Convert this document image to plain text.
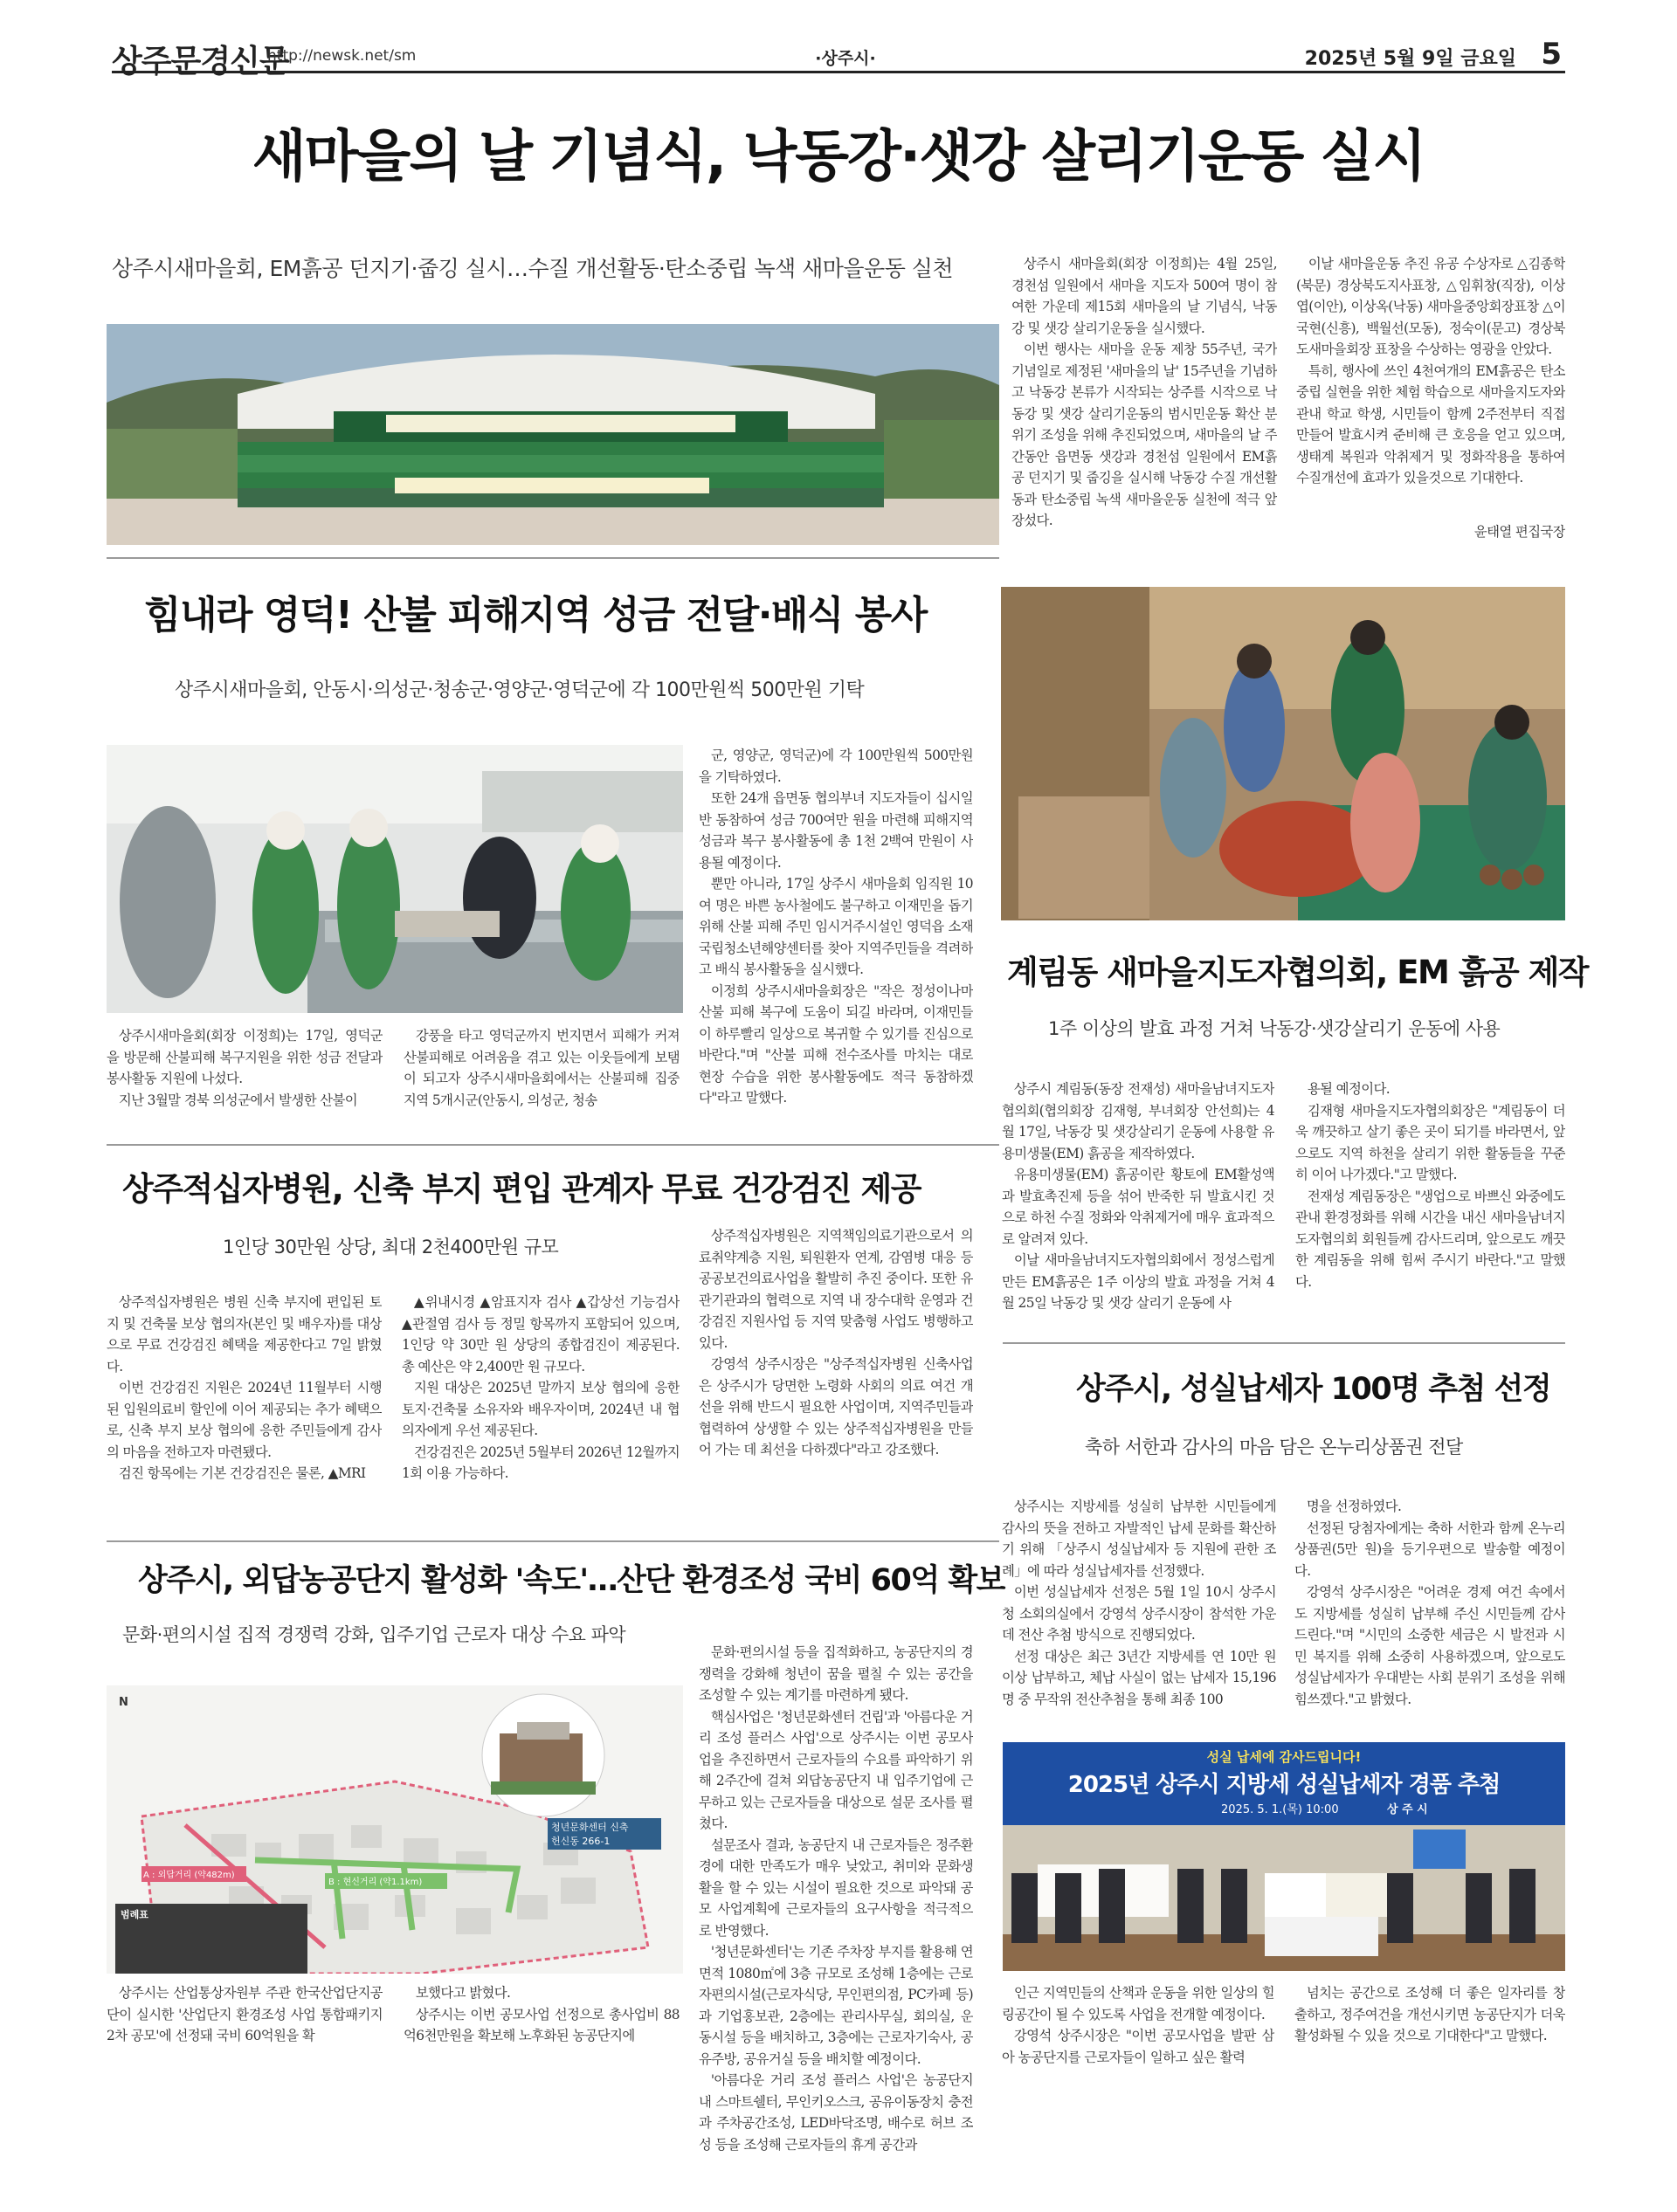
상주문경신문
http://newsk.net/sm	·상주시·	2025년 5월 9일 금요일 5
새마을의 날 기념식, 낙동강·샛강 살리기운동 실시
상주시새마을회, EM흙공 던지기·줍깅 실시…수질 개선활동·탄소중립 녹색 새마을운동 실천	상주시 새마을회(회장 이정희)는 4월 25일, 경천섬 일원에서 새마을 지도자 500여 명이 참여한 가운데 제15회 새마을의 날 기념식, 낙동강 및 샛강 살리기운동을 실시했다.

이번 행사는 새마을 운동 제창 55주년, 국가기념일로 제정된 '새마을의 날' 15주년을 기념하고 낙동강 본류가 시작되는 상주를 시작으로 낙동강 및 샛강 살리기운동의 범시민운동 확산 분위기 조성을 위해 추진되었으며, 새마을의 날 주간동안 읍면동 샛강과 경천섬 일원에서 EM흙공 던지기 및 줍깅을 실시해 낙동강 수질 개선활동과 탄소중립 녹색 새마을운동 실천에 적극 앞장섰다.

이날 새마을운동 추진 유공 수상자로 △김종학(북문) 경상북도지사표창, △임휘창(직장), 이상엽(이안), 이상옥(낙동) 새마을중앙회장표창 △이국현(신흥), 백월선(모동), 정숙이(문고) 경상북도새마을회장 표창을 수상하는 영광을 안았다.

특히, 행사에 쓰인 4천여개의 EM흙공은 탄소중립 실현을 위한 체험 학습으로 새마을지도자와 관내 학교 학생, 시민들이 함께 2주전부터 직접 만들어 발효시켜 준비해 큰 호응을 얻고 있으며, 생태계 복원과 악취제거 및 정화작용을 통하여 수질개선에 효과가 있을것으로 기대한다.

윤태열 편집국장
힘내라 영덕! 산불 피해지역 성금 전달·배식 봉사
상주시새마을회, 안동시·의성군·청송군·영양군·영덕군에 각 100만원씩 500만원 기탁

상주시새마을회(회장 이정희)는 17일, 영덕군을 방문해 산불피해 복구지원을 위한 성금 전달과 봉사활동 지원에 나섰다.

지난 3월말 경북 의성군에서 발생한 산불이

강풍을 타고 영덕군까지 번지면서 피해가 커져 산불피해로 어려움을 겪고 있는 이웃들에게 보탬이 되고자 상주시새마을회에서는 산불피해 집중지역 5개시군(안동시, 의성군, 청송

군, 영양군, 영덕군)에 각 100만원씩 500만원을 기탁하였다.

또한 24개 읍면동 협의부녀 지도자들이 십시일반 동참하여 성금 700여만 원을 마련해 피해지역 성금과 복구 봉사활동에 총 1천 2백여 만원이 사용될 예정이다.

뿐만 아니라, 17일 상주시 새마을회 임직원 10여 명은 바쁜 농사철에도 불구하고 이재민을 돕기 위해 산불 피해 주민 임시거주시설인 영덕읍 소재 국립청소년해양센터를 찾아 지역주민들을 격려하고 배식 봉사활동을 실시했다.

이정희 상주시새마을회장은 "작은 정성이나마 산불 피해 복구에 도움이 되길 바라며, 이재민들이 하루빨리 일상으로 복귀할 수 있기를 진심으로 바란다."며 "산불 피해 전수조사를 마치는 대로 현장 수습을 위한 봉사활동에도 적극 동참하겠다"라고 말했다.

계림동 새마을지도자협의회, EM 흙공 제작
1주 이상의 발효 과정 거쳐 낙동강·샛강살리기 운동에 사용

상주시 계림동(동장 전재성) 새마을남녀지도자협의회(협의회장 김재형, 부녀회장 안선희)는 4월 17일, 낙동강 및 샛강살리기 운동에 사용할 유용미생물(EM) 흙공을 제작하였다.

유용미생물(EM) 흙공이란 황토에 EM활성액과 발효촉진제 등을 섞어 반죽한 뒤 발효시킨 것으로 하천 수질 정화와 악취제거에 매우 효과적으로 알려져 있다.

이날 새마을남녀지도자협의회에서 정성스럽게 만든 EM흙공은 1주 이상의 발효 과정을 거쳐 4월 25일 낙동강 및 샛강 살리기 운동에 사

용될 예정이다.

김재형 새마을지도자협의회장은 "계림동이 더욱 깨끗하고 살기 좋은 곳이 되기를 바라면서, 앞으로도 지역 하천을 살리기 위한 활동들을 꾸준히 이어 나가겠다."고 말했다.

전재성 계림동장은 "생업으로 바쁘신 와중에도 관내 환경정화를 위해 시간을 내신 새마을남녀지도자협의회 회원들께 감사드리며, 앞으로도 깨끗한 계림동을 위해 힘써 주시기 바란다."고 말했다.

상주적십자병원, 신축 부지 편입 관계자 무료 건강검진 제공
1인당 30만원 상당, 최대 2천400만원 규모

상주적십자병원은 병원 신축 부지에 편입된 토지 및 건축물 보상 협의자(본인 및 배우자)를 대상으로 무료 건강검진 혜택을 제공한다고 7일 밝혔다.

이번 건강검진 지원은 2024년 11월부터 시행된 입원의료비 할인에 이어 제공되는 추가 혜택으로, 신축 부지 보상 협의에 응한 주민들에게 감사의 마음을 전하고자 마련됐다.

검진 항목에는 기본 건강검진은 물론, ▲MRI

▲위내시경 ▲암표지자 검사 ▲갑상선 기능검사 ▲관절염 검사 등 정밀 항목까지 포함되어 있으며, 1인당 약 30만 원 상당의 종합검진이 제공된다. 총 예산은 약 2,400만 원 규모다.

지원 대상은 2025년 말까지 보상 협의에 응한 토지·건축물 소유자와 배우자이며, 2024년 내 협의자에게 우선 제공된다.

건강검진은 2025년 5월부터 2026년 12월까지 1회 이용 가능하다.

상주적십자병원은 지역책임의료기관으로서 의료취약계층 지원, 퇴원환자 연계, 감염병 대응 등 공공보건의료사업을 활발히 추진 중이다. 또한 유관기관과의 협력으로 지역 내 장수대학 운영과 건강검진 지원사업 등 지역 맞춤형 사업도 병행하고 있다.

강영석 상주시장은 "상주적십자병원 신축사업은 상주시가 당면한 노령화 사회의 의료 여건 개선을 위해 반드시 필요한 사업이며, 지역주민들과 협력하여 상생할 수 있는 상주적십자병원을 만들어 가는 데 최선을 다하겠다"라고 강조했다.

상주시, 성실납세자 100명 추첨 선정
축하 서한과 감사의 마음 담은 온누리상품권 전달

상주시는 지방세를 성실히 납부한 시민들에게 감사의 뜻을 전하고 자발적인 납세 문화를 확산하기 위해 「상주시 성실납세자 등 지원에 관한 조례」에 따라 성실납세자를 선정했다.

이번 성실납세자 선정은 5월 1일 10시 상주시청 소회의실에서 강영석 상주시장이 참석한 가운데 전산 추첨 방식으로 진행되었다.

선정 대상은 최근 3년간 지방세를 연 10만 원 이상 납부하고, 체납 사실이 없는 납세자 15,196명 중 무작위 전산추첨을 통해 최종 100

명을 선정하였다.

선정된 당첨자에게는 축하 서한과 함께 온누리상품권(5만 원)을 등기우편으로 발송할 예정이다.

강영석 상주시장은 "어려운 경제 여건 속에서도 지방세를 성실히 납부해 주신 시민들께 감사드린다."며 "시민의 소중한 세금은 시 발전과 시민 복지를 위해 소중히 사용하겠으며, 앞으로도 성실납세자가 우대받는 사회 분위기 조성을 위해 힘쓰겠다."고 밝혔다.

성실 납세에 감사드립니다!
2025년 상주시 지방세 성실납세자 경품 추첨
2025. 5. 1.(목) 10:00	상 주 시
상주시, 외답농공단지 활성화 '속도'…산단 환경조성 국비 60억 확보
문화·편의시설 집적 경쟁력 강화, 입주기업 근로자 대상 수요 파악
N
청년문화센터 신축
헌신동 266-1
A : 외답거리 (약482m)
B : 현신거리 (약1.1km)
범례표

상주시는 산업통상자원부 주관 한국산업단지공단이 실시한 '산업단지 환경조성 사업 통합패키지 2차 공모'에 선정돼 국비 60억원을 확

보했다고 밝혔다.

상주시는 이번 공모사업 선정으로 총사업비 88억6천만원을 확보해 노후화된 농공단지에

문화·편의시설 등을 집적화하고, 농공단지의 경쟁력을 강화해 청년이 꿈을 펼칠 수 있는 공간을 조성할 수 있는 계기를 마련하게 됐다.

핵심사업은 '청년문화센터 건립'과 '아름다운 거리 조성 플러스 사업'으로 상주시는 이번 공모사업을 추진하면서 근로자들의 수요를 파악하기 위해 2주간에 걸쳐 외답농공단지 내 입주기업에 근무하고 있는 근로자들을 대상으로 설문 조사를 펼쳤다.

설문조사 결과, 농공단지 내 근로자들은 정주환경에 대한 만족도가 매우 낮았고, 취미와 문화생활을 할 수 있는 시설이 필요한 것으로 파악돼 공모 사업계획에 근로자들의 요구사항을 적극적으로 반영했다.

'청년문화센터'는 기존 주차장 부지를 활용해 연면적 1080㎡에 3층 규모로 조성해 1층에는 근로자편의시설(근로자식당, 무인편의점, PC카페 등)과 기업홍보관, 2층에는 관리사무실, 회의실, 운동시설 등을 배치하고, 3층에는 근로자기숙사, 공유주방, 공유거실 등을 배치할 예정이다.

'아름다운 거리 조성 플러스 사업'은 농공단지 내 스마트쉘터, 무인키오스크, 공유이동장치 충전과 주차공간조성, LED바닥조명, 배수로 허브 조성 등을 조성해 근로자들의 휴게 공간과

인근 지역민들의 산책과 운동을 위한 일상의 힐링공간이 될 수 있도록 사업을 전개할 예정이다.

강영석 상주시장은 "이번 공모사업을 발판 삼아 농공단지를 근로자들이 일하고 싶은 활력

넘치는 공간으로 조성해 더 좋은 일자리를 창출하고, 정주여건을 개선시키면 농공단지가 더욱 활성화될 수 있을 것으로 기대한다"고 말했다.
